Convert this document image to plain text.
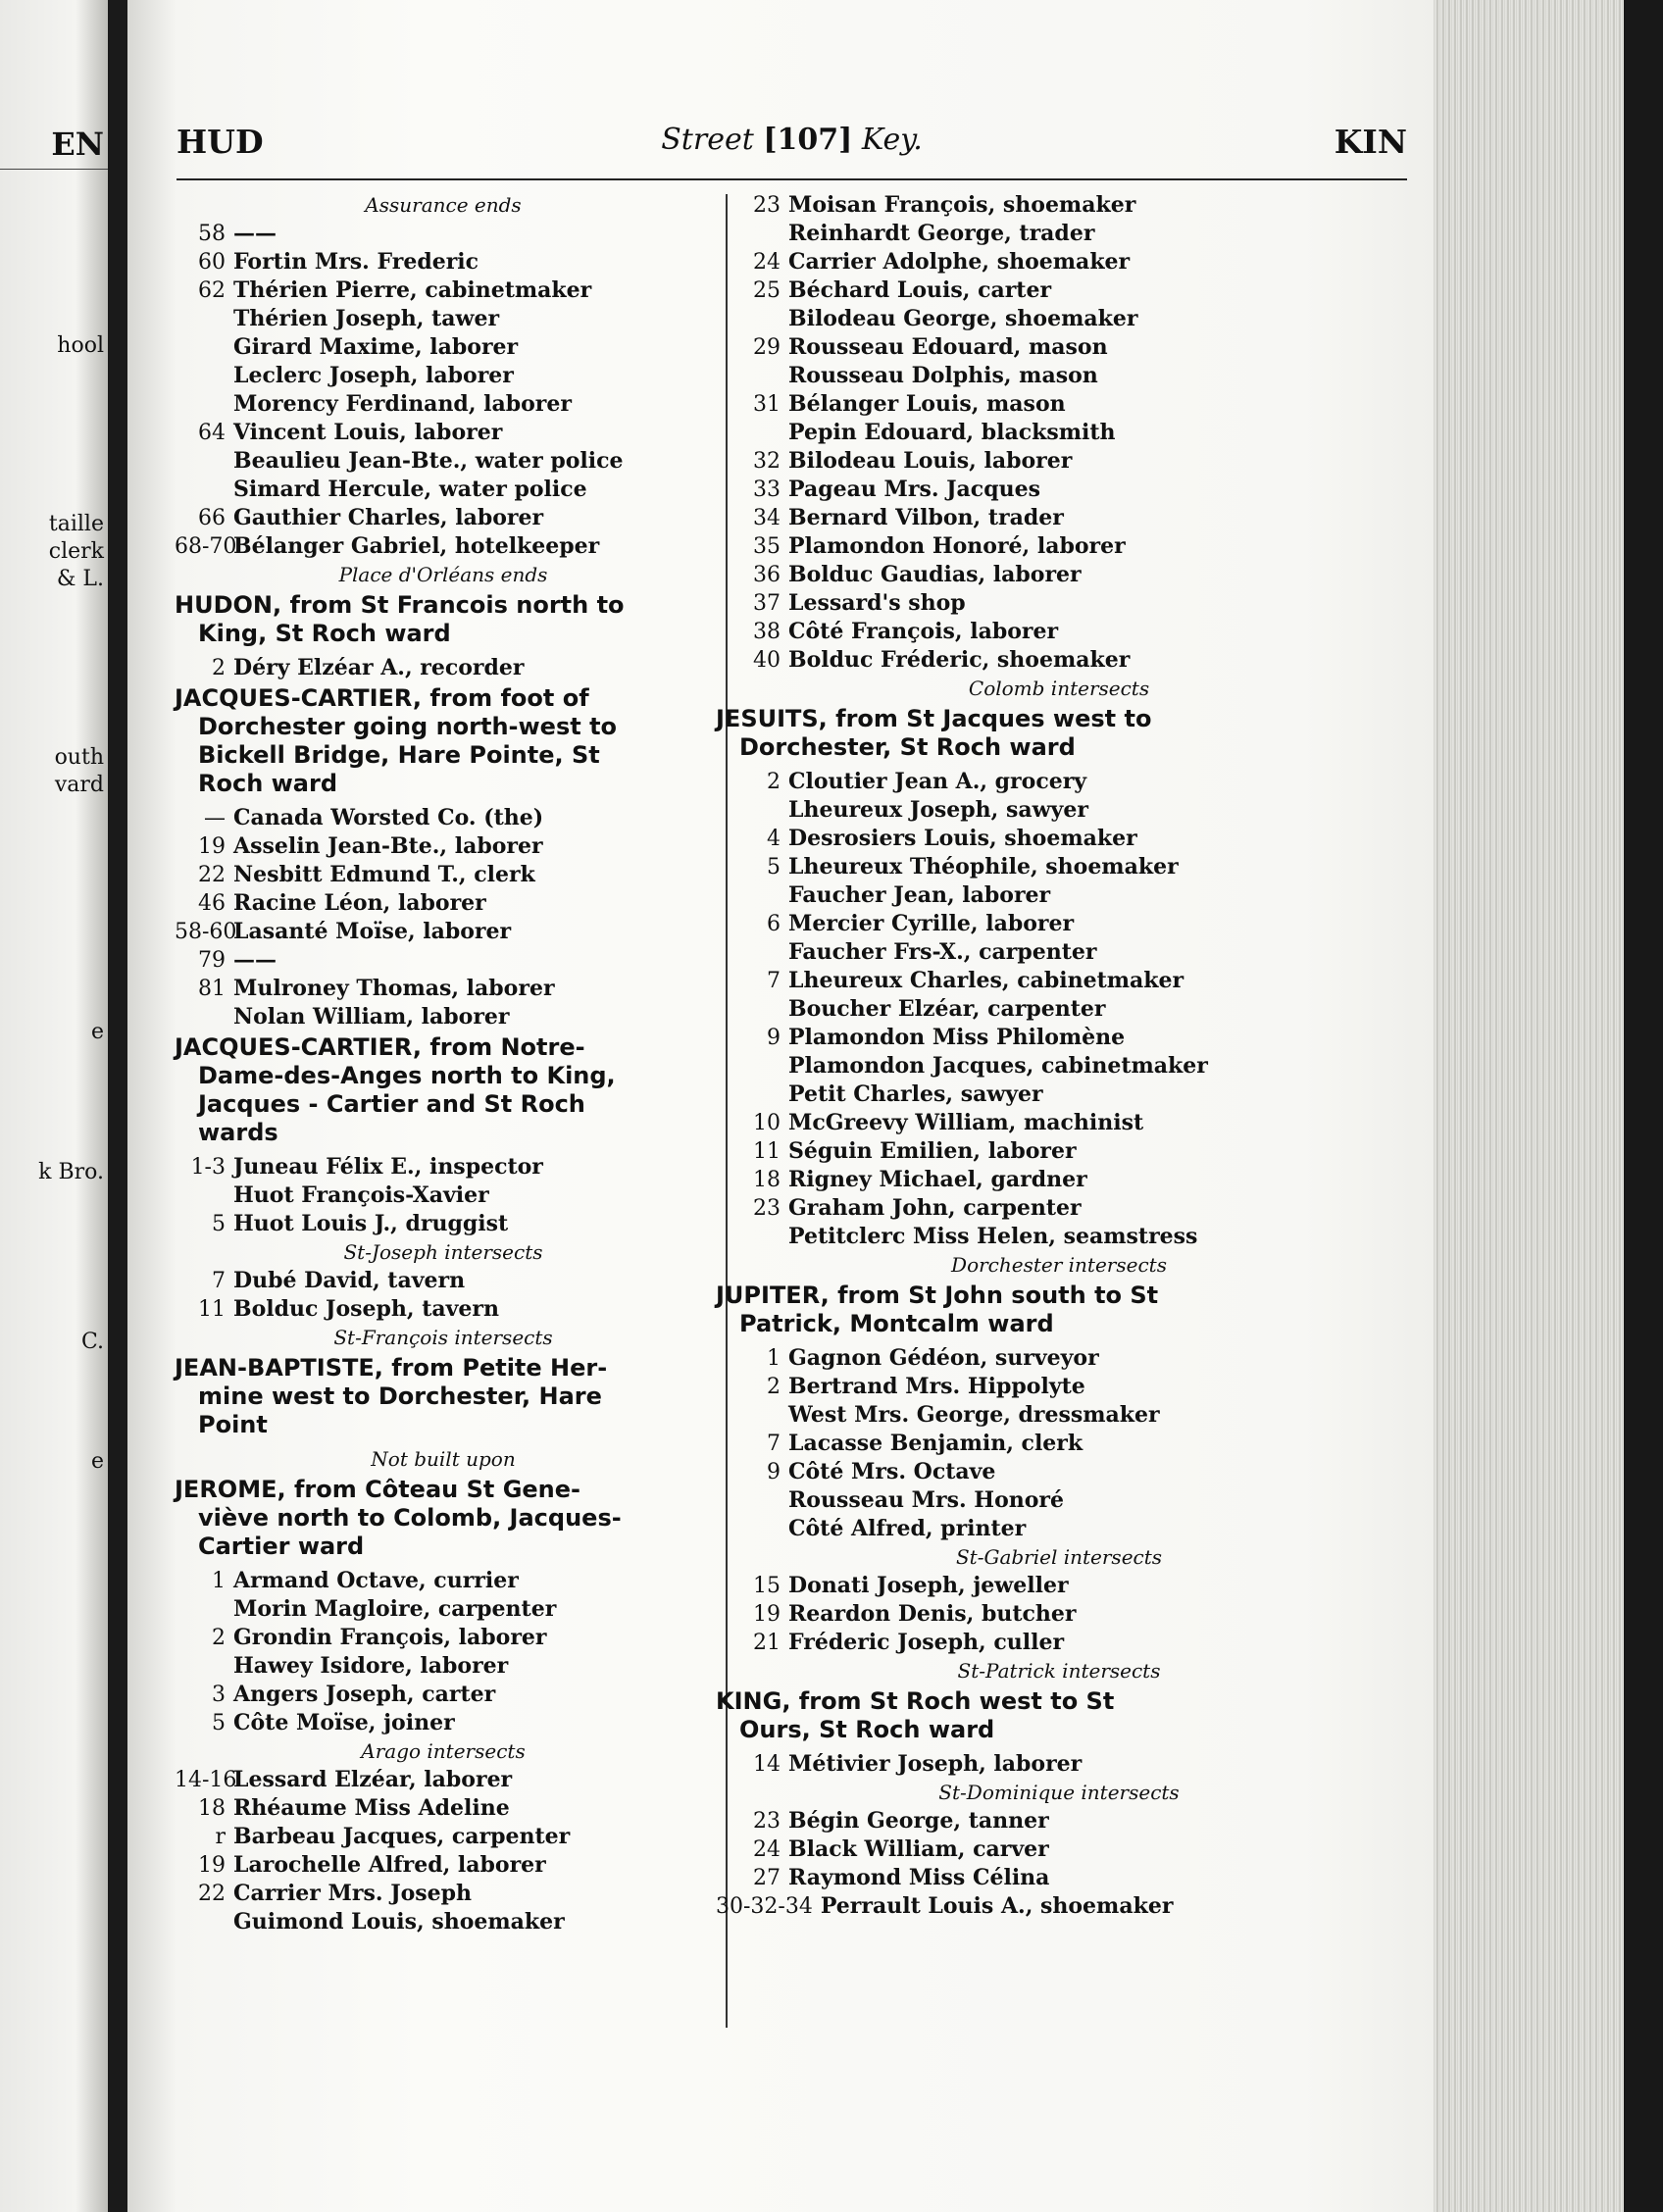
EN
hool
taille
clerk
& L.
outh
vard
e
k Bro.
C.
e
HUD	Street [107] Key.	KIN
Assurance ends
58 ——
60 Fortin Mrs. Frederic
62 Thérien Pierre, cabinetmaker
Thérien Joseph, tawer
Girard Maxime, laborer
Leclerc Joseph, laborer
Morency Ferdinand, laborer
64 Vincent Louis, laborer
Beaulieu Jean-Bte., water police
Simard Hercule, water police
66 Gauthier Charles, laborer
68-70Bélanger Gabriel, hotelkeeper
Place d'Orléans ends
HUDON, from St Francois north to
King, St Roch ward
2 Déry Elzéar A., recorder
JACQUES-CARTIER, from foot of
Dorchester going north-west to
Bickell Bridge, Hare Pointe, St
Roch ward
— Canada Worsted Co. (the)
19 Asselin Jean-Bte., laborer
22 Nesbitt Edmund T., clerk
46 Racine Léon, laborer
58-60Lasanté Moïse, laborer
79 ——
81 Mulroney Thomas, laborer
Nolan William, laborer
JACQUES-CARTIER, from Notre-
Dame-des-Anges north to King,
Jacques - Cartier and St Roch
wards
1-3 Juneau Félix E., inspector
Huot François-Xavier
5 Huot Louis J., druggist
St-Joseph intersects
7 Dubé David, tavern
11 Bolduc Joseph, tavern
St-François intersects
JEAN-BAPTISTE, from Petite Her-
mine west to Dorchester, Hare
Point
Not built upon
JEROME, from Côteau St Gene-
viève north to Colomb, Jacques-
Cartier ward
1 Armand Octave, currier
Morin Magloire, carpenter
2 Grondin François, laborer
Hawey Isidore, laborer
3 Angers Joseph, carter
5 Côte Moïse, joiner
Arago intersects
14-16Lessard Elzéar, laborer
18 Rhéaume Miss Adeline
r Barbeau Jacques, carpenter
19 Larochelle Alfred, laborer
22 Carrier Mrs. Joseph
Guimond Louis, shoemaker
23 Moisan François, shoemaker
Reinhardt George, trader
24 Carrier Adolphe, shoemaker
25 Béchard Louis, carter
Bilodeau George, shoemaker
29 Rousseau Edouard, mason
Rousseau Dolphis, mason
31 Bélanger Louis, mason
Pepin Edouard, blacksmith
32 Bilodeau Louis, laborer
33 Pageau Mrs. Jacques
34 Bernard Vilbon, trader
35 Plamondon Honoré, laborer
36 Bolduc Gaudias, laborer
37 Lessard's shop
38 Côté François, laborer
40 Bolduc Fréderic, shoemaker
Colomb intersects
JESUITS, from St Jacques west to
Dorchester, St Roch ward
2 Cloutier Jean A., grocery
Lheureux Joseph, sawyer
4 Desrosiers Louis, shoemaker
5 Lheureux Théophile, shoemaker
Faucher Jean, laborer
6 Mercier Cyrille, laborer
Faucher Frs-X., carpenter
7 Lheureux Charles, cabinetmaker
Boucher Elzéar, carpenter
9 Plamondon Miss Philomène
Plamondon Jacques, cabinetmaker
Petit Charles, sawyer
10 McGreevy William, machinist
11 Séguin Emilien, laborer
18 Rigney Michael, gardner
23 Graham John, carpenter
Petitclerc Miss Helen, seamstress
Dorchester intersects
JUPITER, from St John south to St
Patrick, Montcalm ward
1 Gagnon Gédéon, surveyor
2 Bertrand Mrs. Hippolyte
West Mrs. George, dressmaker
7 Lacasse Benjamin, clerk
9 Côté Mrs. Octave
Rousseau Mrs. Honoré
Côté Alfred, printer
St-Gabriel intersects
15 Donati Joseph, jeweller
19 Reardon Denis, butcher
21 Fréderic Joseph, culler
St-Patrick intersects
KING, from St Roch west to St
Ours, St Roch ward
14 Métivier Joseph, laborer
St-Dominique intersects
23 Bégin George, tanner
24 Black William, carver
27 Raymond Miss Célina
30-32-34 Perrault Louis A., shoemaker
